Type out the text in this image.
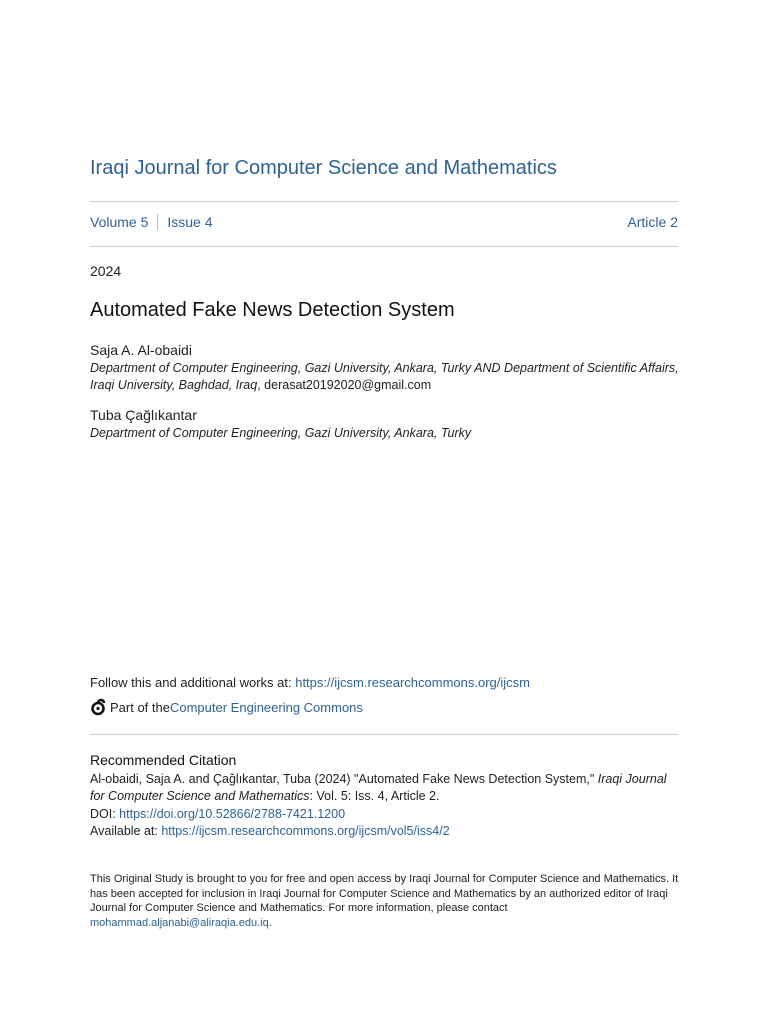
Iraqi Journal for Computer Science and Mathematics
Volume 5 Issue 4	Article 2
2024
Automated Fake News Detection System
Saja A. Al-obaidi
Department of Computer Engineering, Gazi University, Ankara, Turky AND Department of Scientific Affairs,
Iraqi University, Baghdad, Iraq, derasat20192020@gmail.com
Tuba Çağlıkantar
Department of Computer Engineering, Gazi University, Ankara, Turky
Follow this and additional works at: https://ijcsm.researchcommons.org/ijcsm
Part of the Computer Engineering Commons
Recommended Citation
Al-obaidi, Saja A. and Çağlıkantar, Tuba (2024) "Automated Fake News Detection System," Iraqi Journal for Computer Science and Mathematics: Vol. 5: Iss. 4, Article 2.
DOI: https://doi.org/10.52866/2788-7421.1200
Available at: https://ijcsm.researchcommons.org/ijcsm/vol5/iss4/2
This Original Study is brought to you for free and open access by Iraqi Journal for Computer Science and Mathematics. It has been accepted for inclusion in Iraqi Journal for Computer Science and Mathematics by an authorized editor of Iraqi Journal for Computer Science and Mathematics. For more information, please contact mohammad.aljanabi@aliraqia.edu.iq.
